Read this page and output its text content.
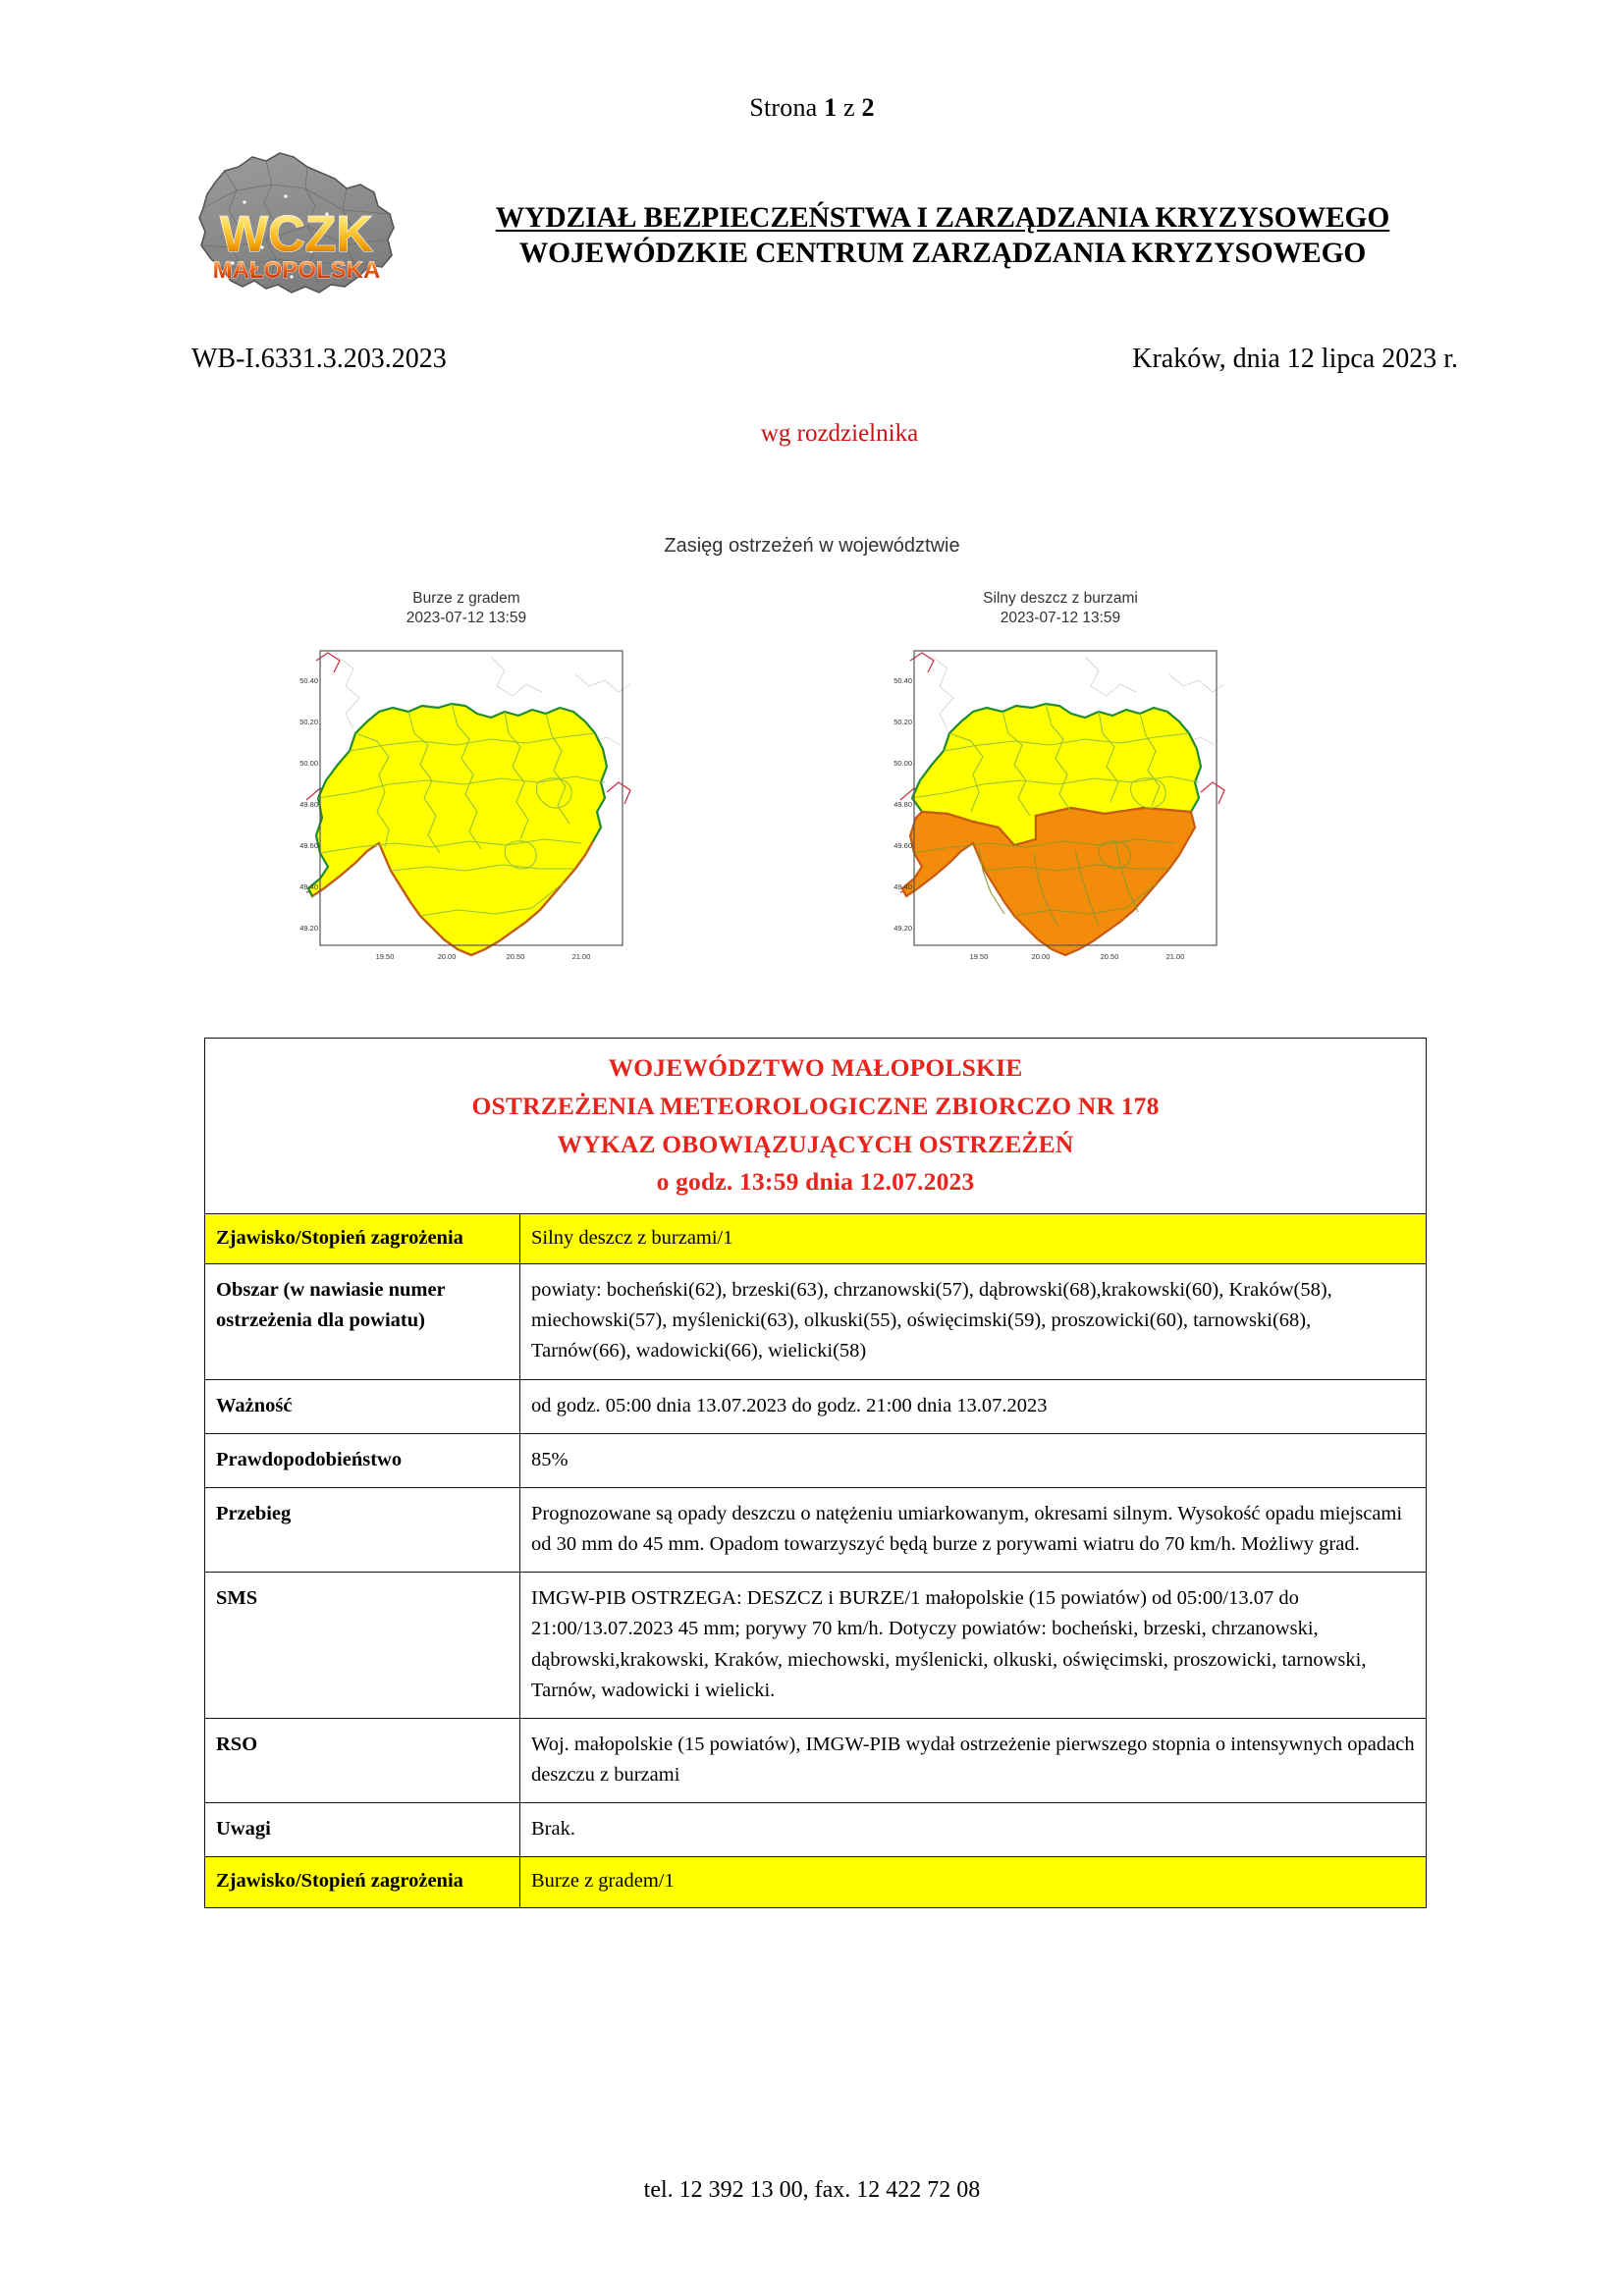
Strona 1 z 2
WCZK
MAŁOPOLSKA
WYDZIAŁ BEZPIECZEŃSTWA I ZARZĄDZANIA KRYZYSOWEGO
WOJEWÓDZKIE CENTRUM ZARZĄDZANIA KRYZYSOWEGO
WB-I.6331.3.203.2023	Kraków, dnia 12 lipca 2023 r.
wg rozdzielnika
Zasięg ostrzeżeń w województwie
Burze z gradem
2023-07-12 13:59
50.40
50.20
50.00
49.80
49.60
49.40
49.20
19.50	20.00	20.50	21.00
Silny deszcz z burzami
2023-07-12 13:59
50.40
50.20
50.00
49.80
49.60
49.40
49.20
19.50	20.00	20.50	21.00
WOJEWÓDZTWO MAŁOPOLSKIE
OSTRZEŻENIA METEOROLOGICZNE ZBIORCZO NR 178
WYKAZ OBOWIĄZUJĄCYCH OSTRZEŻEŃ
o godz. 13:59 dnia 12.07.2023	

Zjawisko/Stopień zagrożenia	Silny deszcz z burzami/1
Obszar (w nawiasie numer ostrzeżenia dla powiatu)	powiaty: bocheński(62), brzeski(63), chrzanowski(57), dąbrowski(68),krakowski(60), Kraków(58), miechowski(57), myślenicki(63), olkuski(55), oświęcimski(59), proszowicki(60), tarnowski(68), Tarnów(66), wadowicki(66), wielicki(58)
Ważność	od godz. 05:00 dnia 13.07.2023 do godz. 21:00 dnia 13.07.2023
Prawdopodobieństwo	85%
Przebieg	Prognozowane są opady deszczu o natężeniu umiarkowanym, okresami silnym. Wysokość opadu miejscami od 30 mm do 45 mm. Opadom towarzyszyć będą burze z porywami wiatru do 70 km/h. Możliwy grad.
SMS	IMGW-PIB OSTRZEGA: DESZCZ i BURZE/1 małopolskie (15 powiatów) od 05:00/13.07 do 21:00/13.07.2023 45 mm; porywy 70 km/h. Dotyczy powiatów: bocheński, brzeski, chrzanowski, dąbrowski,krakowski, Kraków, miechowski, myślenicki, olkuski, oświęcimski, proszowicki, tarnowski, Tarnów, wadowicki i wielicki.
RSO	Woj. małopolskie (15 powiatów), IMGW-PIB wydał ostrzeżenie pierwszego stopnia o intensywnych opadach deszczu z burzami
Uwagi	Brak.
Zjawisko/Stopień zagrożenia	Burze z gradem/1
tel. 12 392 13 00, fax. 12 422 72 08
